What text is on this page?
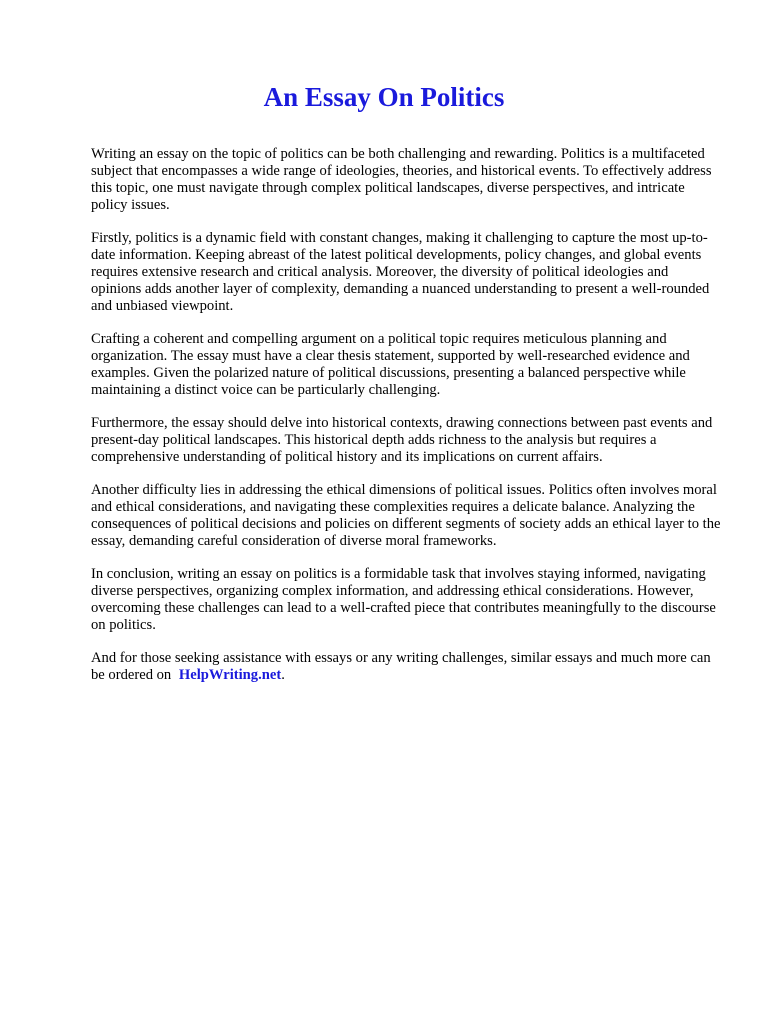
An Essay On Politics

Writing an essay on the topic of politics can be both challenging and rewarding. Politics is a multifaceted subject that encompasses a wide range of ideologies, theories, and historical events. To effectively address this topic, one must navigate through complex political landscapes, diverse perspectives, and intricate policy issues.

Firstly, politics is a dynamic field with constant changes, making it challenging to capture the most up-to-date information. Keeping abreast of the latest political developments, policy changes, and global events requires extensive research and critical analysis. Moreover, the diversity of political ideologies and opinions adds another layer of complexity, demanding a nuanced understanding to present a well-rounded and unbiased viewpoint.

Crafting a coherent and compelling argument on a political topic requires meticulous planning and organization. The essay must have a clear thesis statement, supported by well-researched evidence and examples. Given the polarized nature of political discussions, presenting a balanced perspective while maintaining a distinct voice can be particularly challenging.

Furthermore, the essay should delve into historical contexts, drawing connections between past events and present-day political landscapes. This historical depth adds richness to the analysis but requires a comprehensive understanding of political history and its implications on current affairs.

Another difficulty lies in addressing the ethical dimensions of political issues. Politics often involves moral and ethical considerations, and navigating these complexities requires a delicate balance. Analyzing the consequences of political decisions and policies on different segments of society adds an ethical layer to the essay, demanding careful consideration of diverse moral frameworks.

In conclusion, writing an essay on politics is a formidable task that involves staying informed, navigating diverse perspectives, organizing complex information, and addressing ethical considerations. However, overcoming these challenges can lead to a well-crafted piece that contributes meaningfully to the discourse on politics.

And for those seeking assistance with essays or any writing challenges, similar essays and much more can be ordered on HelpWriting.net.
